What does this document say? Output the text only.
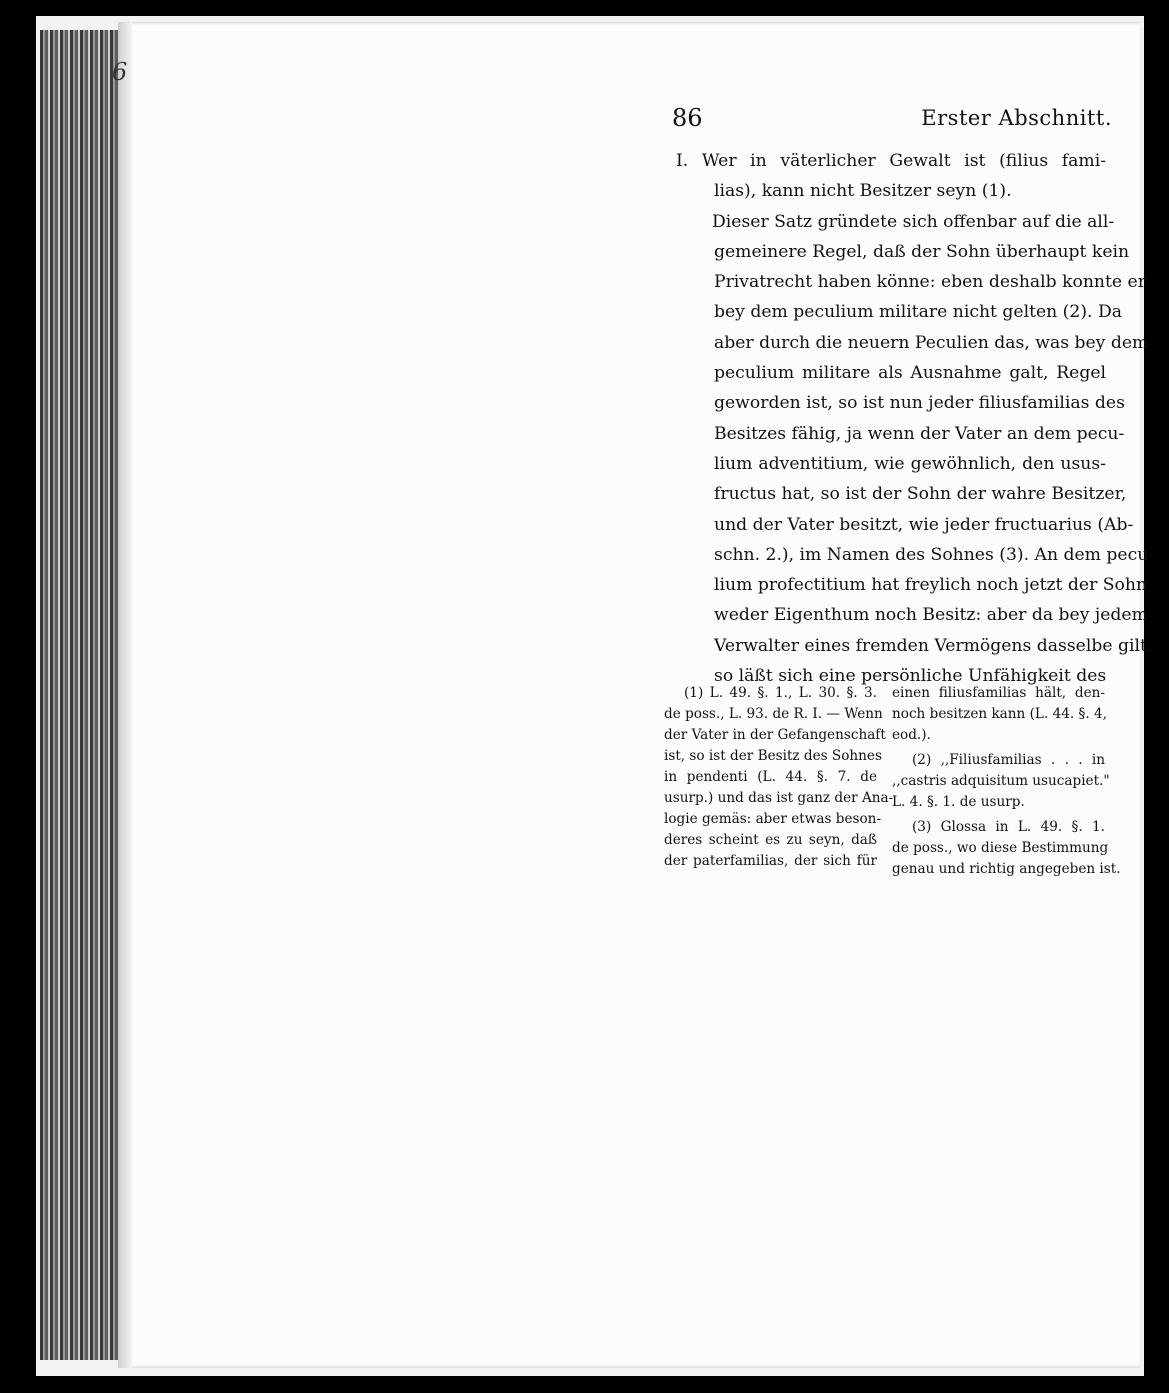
6
86	Erster Abschnitt.
I. Wer in väterlicher Gewalt ist (filius fami-
lias), kann nicht Besitzer seyn (1).
Dieser Satz gründete sich offenbar auf die all-
gemeinere Regel, daß der Sohn überhaupt kein
Privatrecht haben könne: eben deshalb konnte er
bey dem peculium militare nicht gelten (2). Da
aber durch die neuern Peculien das, was bey dem
peculium militare als Ausnahme galt, Regel
geworden ist, so ist nun jeder filiusfamilias des
Besitzes fähig, ja wenn der Vater an dem pecu-
lium adventitium, wie gewöhnlich, den usus-
fructus hat, so ist der Sohn der wahre Besitzer,
und der Vater besitzt, wie jeder fructuarius (Ab-
schn. 2.), im Namen des Sohnes (3). An dem pecu-
lium profectitium hat freylich noch jetzt der Sohn
weder Eigenthum noch Besitz: aber da bey jedem
Verwalter eines fremden Vermögens dasselbe gilt,
so läßt sich eine persönliche Unfähigkeit des
(1) L. 49. §. 1., L. 30. §. 3.
de poss., L. 93. de R. I. — Wenn
der Vater in der Gefangenschaft
ist, so ist der Besitz des Sohnes
in pendenti (L. 44. §. 7. de
usurp.) und das ist ganz der Ana-
logie gemäs: aber etwas beson-
deres scheint es zu seyn, daß
der paterfamilias, der sich für
einen filiusfamilias hält, den-
noch besitzen kann (L. 44. §. 4,
eod.).
(2) ,,Filiusfamilias . . . in
,,castris adquisitum usucapiet."
L. 4. §. 1. de usurp.
(3) Glossa in L. 49. §. 1.
de poss., wo diese Bestimmung
genau und richtig angegeben ist.
